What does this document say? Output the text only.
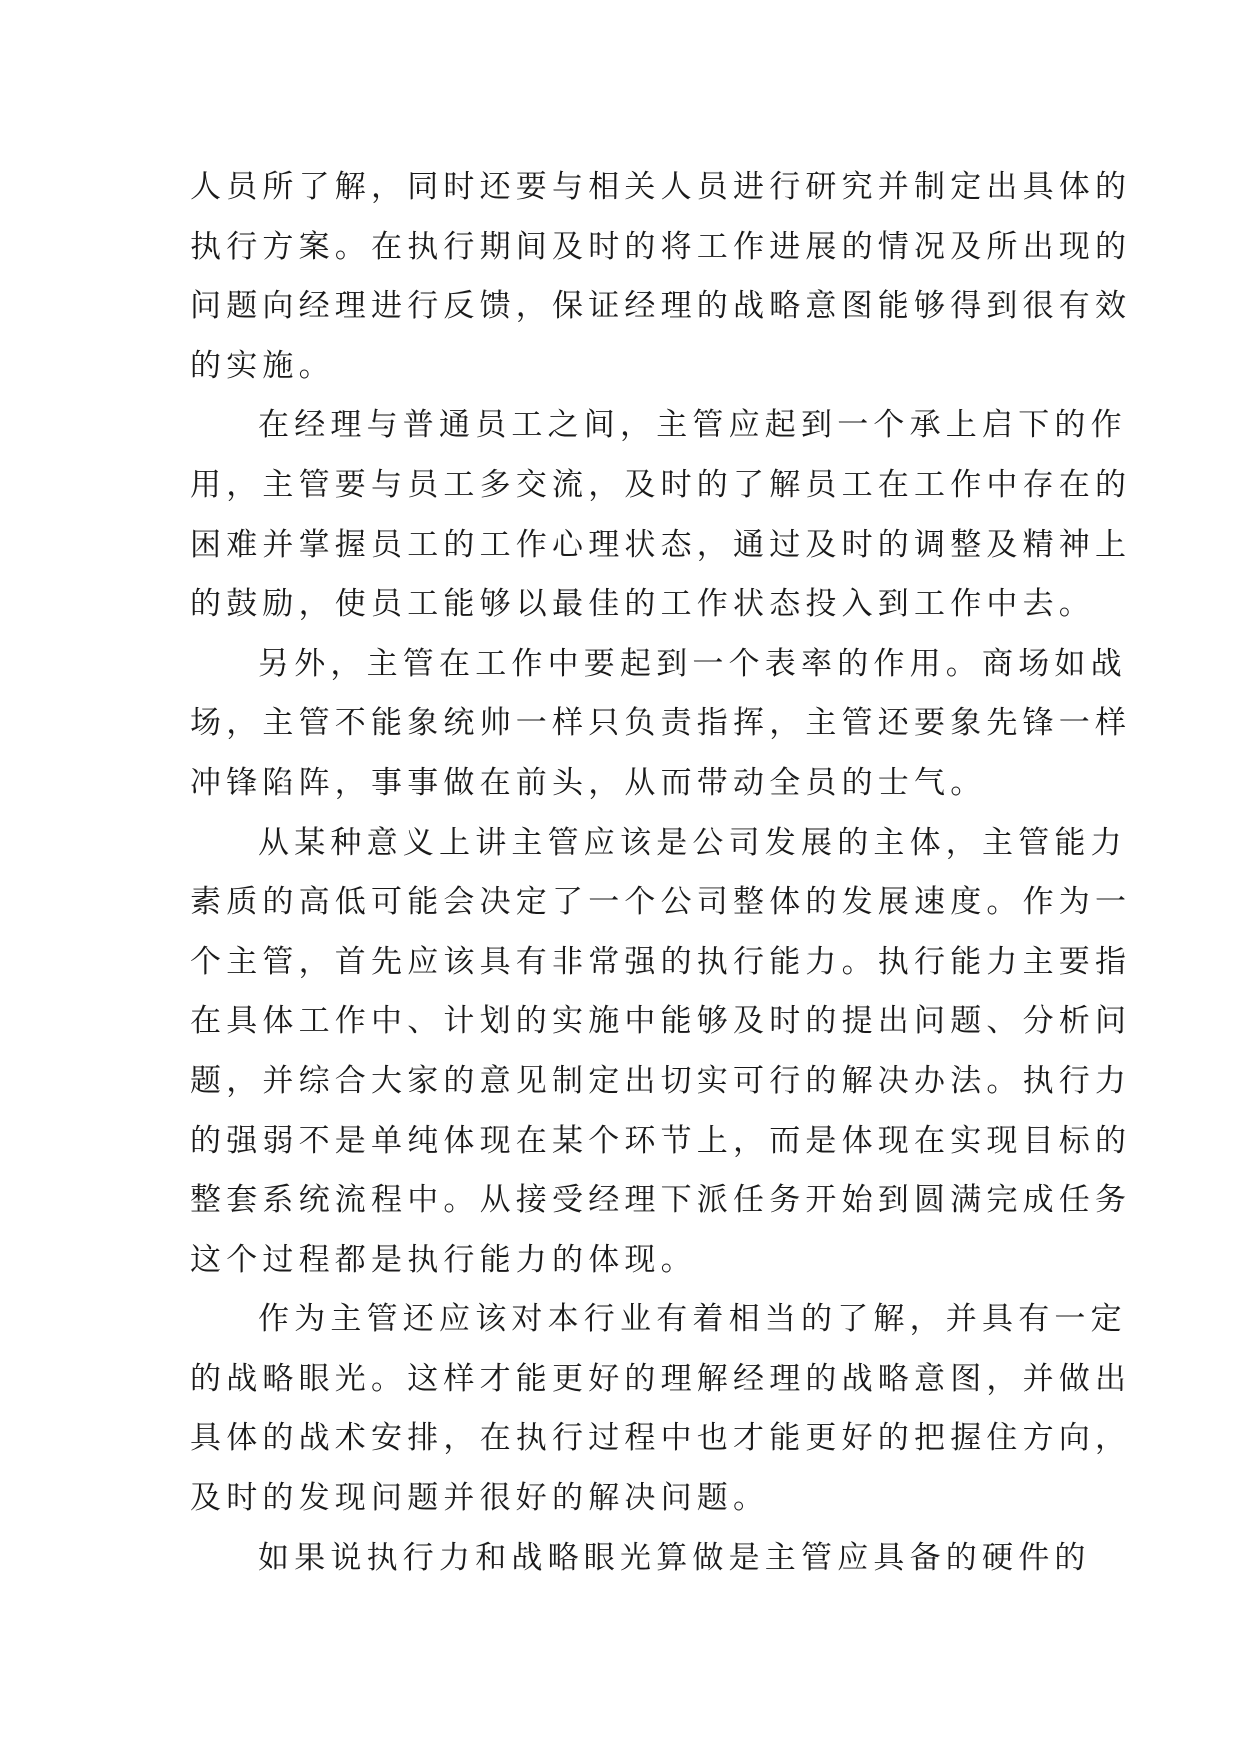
人员所了解，同时还要与相关人员进行研究并制定出具体的
执行方案。在执行期间及时的将工作进展的情况及所出现的
问题向经理进行反馈，保证经理的战略意图能够得到很有效
的实施。
在经理与普通员工之间，主管应起到一个承上启下的作
用，主管要与员工多交流，及时的了解员工在工作中存在的
困难并掌握员工的工作心理状态，通过及时的调整及精神上
的鼓励，使员工能够以最佳的工作状态投入到工作中去。
另外，主管在工作中要起到一个表率的作用。商场如战
场，主管不能象统帅一样只负责指挥，主管还要象先锋一样
冲锋陷阵，事事做在前头，从而带动全员的士气。
从某种意义上讲主管应该是公司发展的主体，主管能力
素质的高低可能会决定了一个公司整体的发展速度。作为一
个主管，首先应该具有非常强的执行能力。执行能力主要指
在具体工作中、计划的实施中能够及时的提出问题、分析问
题，并综合大家的意见制定出切实可行的解决办法。执行力
的强弱不是单纯体现在某个环节上，而是体现在实现目标的
整套系统流程中。从接受经理下派任务开始到圆满完成任务
这个过程都是执行能力的体现。
作为主管还应该对本行业有着相当的了解，并具有一定
的战略眼光。这样才能更好的理解经理的战略意图，并做出
具体的战术安排，在执行过程中也才能更好的把握住方向，
及时的发现问题并很好的解决问题。
如果说执行力和战略眼光算做是主管应具备的硬件的
